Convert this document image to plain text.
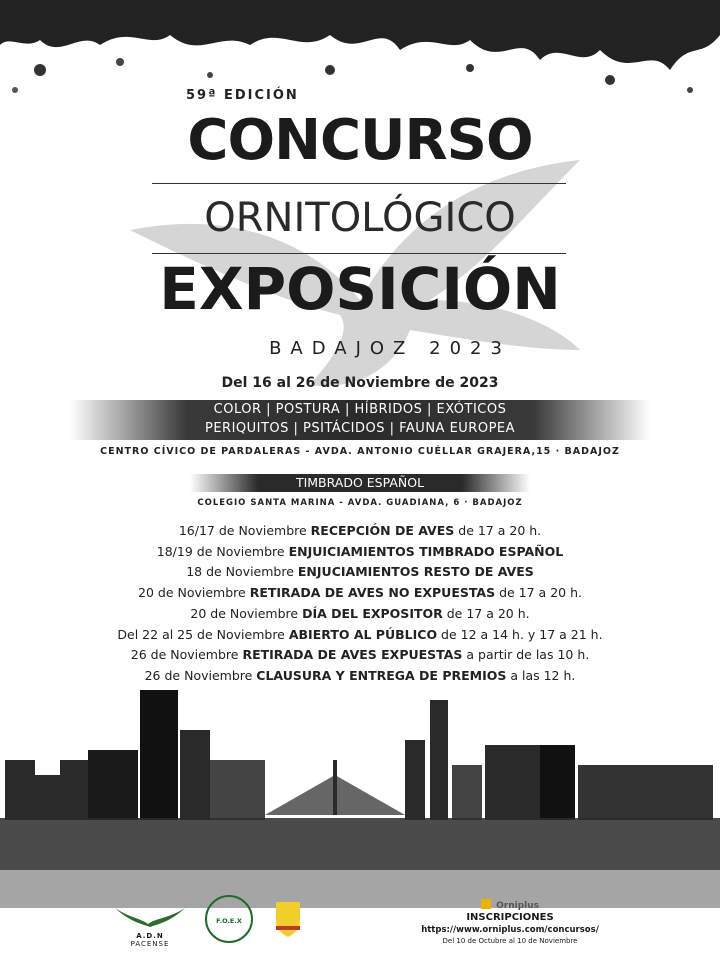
59ª EDICIÓN
CONCURSO
ORNITOLÓGICO
EXPOSICIÓN
BADAJOZ 2023
Del 16 al 26 de Noviembre de 2023
COLOR | POSTURA | HÍBRIDOS | EXÓTICOS
PERIQUITOS | PSITÁCIDOS | FAUNA EUROPEA
CENTRO CÍVICO DE PARDALERAS - AVDA. ANTONIO CUÉLLAR GRAJERA,15 · BADAJOZ
TIMBRADO ESPAÑOL
COLEGIO SANTA MARINA - AVDA. GUADIANA, 6 · BADAJOZ
16/17 de Noviembre RECEPCIÓN DE AVES de 17 a 20 h.
18/19 de Noviembre ENJUICIAMIENTOS TIMBRADO ESPAÑOL
18 de Noviembre ENJUCIAMIENTOS RESTO DE AVES
20 de Noviembre RETIRADA DE AVES NO EXPUESTAS de 17 a 20 h.
20 de Noviembre DÍA DEL EXPOSITOR de 17 a 20 h.
Del 22 al 25 de Noviembre ABIERTO AL PÚBLICO de 12 a 14 h. y 17 a 21 h.
26 de Noviembre RETIRADA DE AVES EXPUESTAS a partir de las 10 h.
26 de Noviembre CLAUSURA Y ENTREGA DE PREMIOS a las 12 h.
A.D.N
PACENSE
F.O.E.X
Orniplus
INSCRIPCIONES
https://www.orniplus.com/concursos/
Del 10 de Octubre al 10 de Noviembre
